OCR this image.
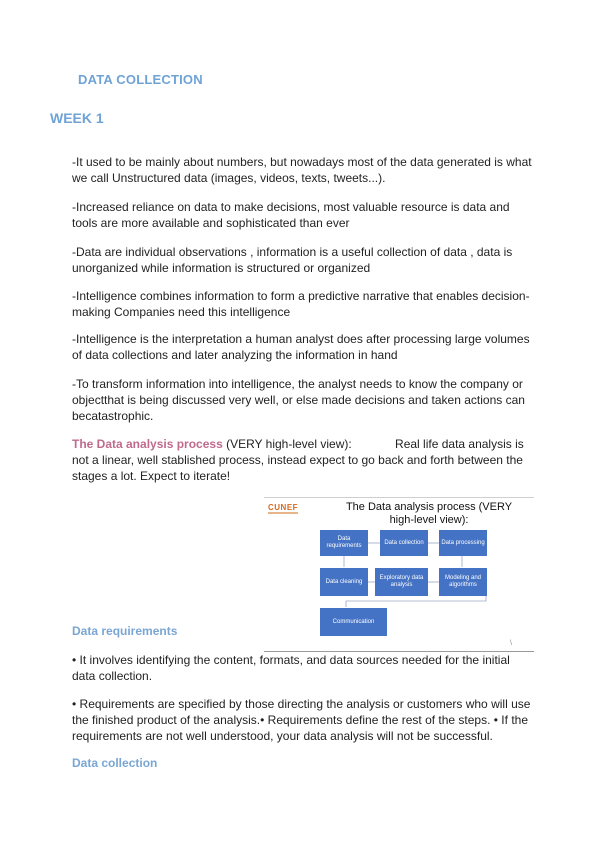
DATA COLLECTION
WEEK 1
-It used to be mainly about numbers, but nowadays most of the data generated is what we call Unstructured data (images, videos, texts, tweets...).
-Increased reliance on data to make decisions, most valuable resource is data and tools are more available and sophisticated than ever
-Data are individual observations , information is a useful collection of data , data is unorganized while information is structured or organized
-Intelligence combines information to form a predictive narrative that enables decision-making Companies need this intelligence
-Intelligence is the interpretation a human analyst does after processing large volumes of data collections and later analyzing the information in hand
-To transform information into intelligence, the analyst needs to know the company or objectthat is being discussed very well, or else made decisions and taken actions can becatastrophic.
The Data analysis process (VERY high-level view):             Real life data analysis is not a linear, well stablished process, instead expect to go back and forth between the stages a lot. Expect to iterate!
CUNEF	The Data analysis process (VERY high-level view):
Data requirements
Data collection	Data processing
Data cleaning
Exploratory data analysis
Modeling and algorithms
Communication
\
Data requirements
• It involves identifying the content, formats, and data sources needed for the initial data collection.
• Requirements are specified by those directing the analysis or customers who will use the finished product of the analysis.• Requirements define the rest of the steps. • If the requirements are not well understood, your data analysis will not be successful.
Data collection
